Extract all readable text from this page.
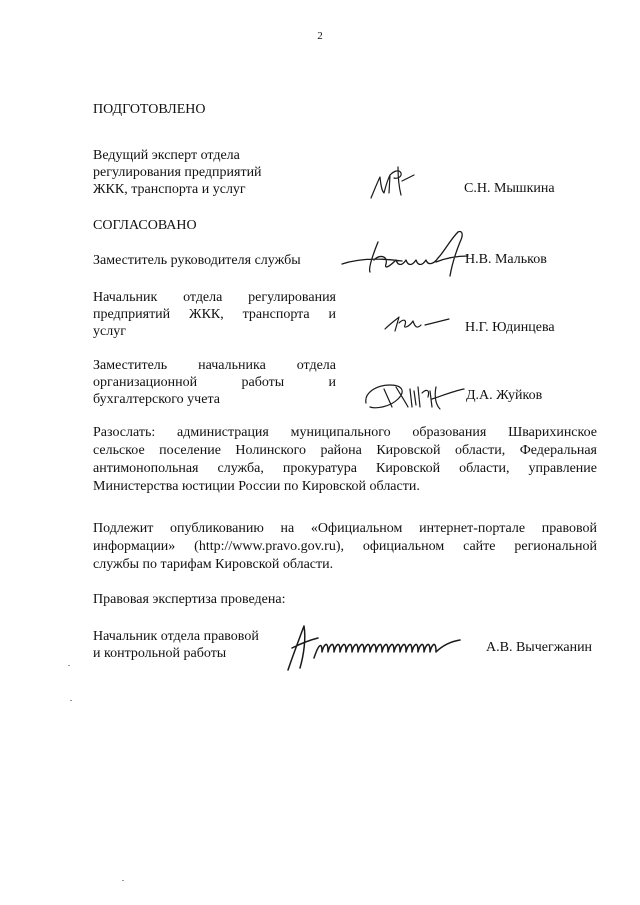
2
ПОДГОТОВЛЕНО
Ведущий эксперт отдела
регулирования предприятий
ЖКК, транспорта и услуг	С.Н. Мышкина
СОГЛАСОВАНО
Заместитель руководителя службы	Н.В. Мальков
Начальник отдела регулирования
предприятий ЖКК, транспорта и
услуг	Н.Г. Юдинцева
Заместитель начальника отдела
организационной работы и
бухгалтерского учета	Д.А. Жуйков
Разослать: администрация муниципального образования Шварихинское
сельское поселение Нолинского района Кировской области, Федеральная
антимонопольная служба, прокуратура Кировской области, управление
Министерства юстиции России по Кировской области.
Подлежит опубликованию на «Официальном интернет-портале правовой
информации» (http://www.pravo.gov.ru), официальном сайте региональной
службы по тарифам Кировской области.
Правовая экспертиза проведена:
Начальник отдела правовой
и контрольной работы	А.В. Вычегжанин
